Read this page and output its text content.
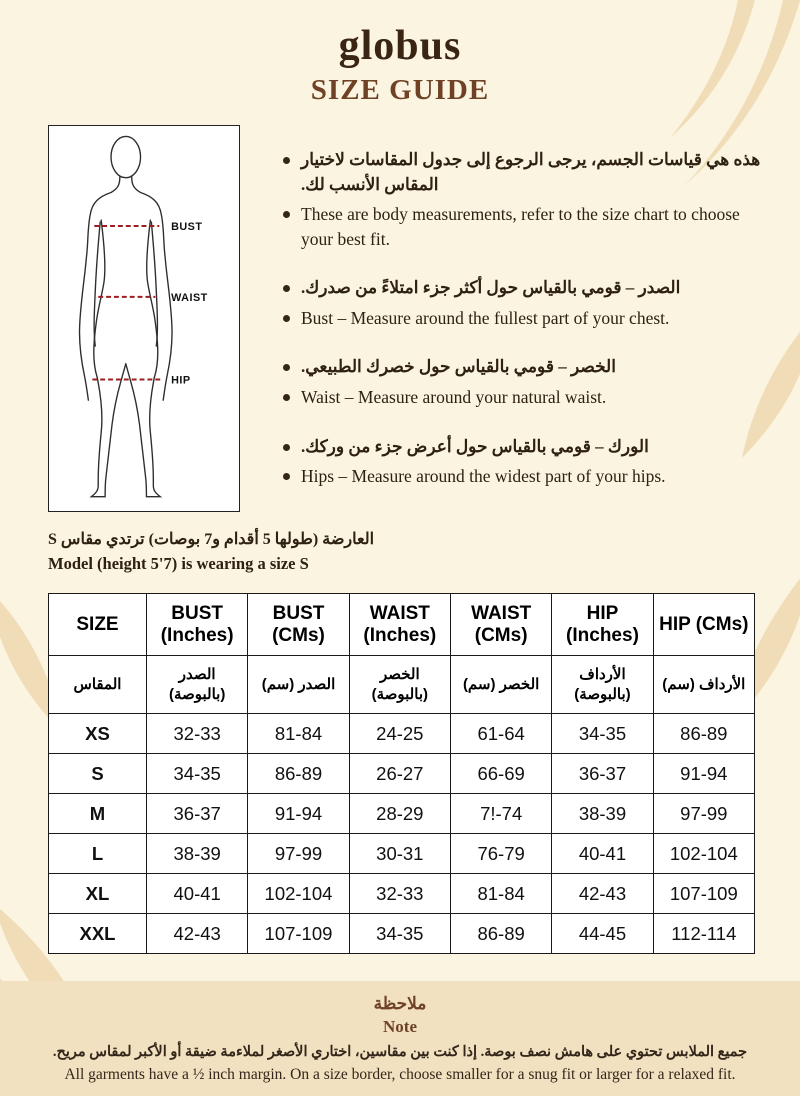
globus
SIZE GUIDE
BUST
WAIST
HIP
هذه هي قياسات الجسم، يرجى الرجوع إلى جدول المقاسات لاختيار المقاس الأنسب لك.
These are body measurements, refer to the size chart to choose your best fit.
الصدر – قومي بالقياس حول أكثر جزء امتلاءً من صدرك.
Bust – Measure around the fullest part of your chest.
الخصر – قومي بالقياس حول خصرك الطبيعي.
Waist – Measure around your natural waist.
الورك – قومي بالقياس حول أعرض جزء من وركك.
Hips – Measure around the widest part of your hips.
العارضة (طولها 5 أقدام و7 بوصات) ترتدي مقاس S
Model (height 5'7) is wearing a size S
SIZE	BUST (Inches)	BUST (CMs)	WAIST (Inches)	WAIST (CMs)	HIP (Inches)	HIP (CMs)
المقاس	الصدر (بالبوصة)	الصدر (سم)	الخصر (بالبوصة)	الخصر (سم)	الأرداف (بالبوصة)	الأرداف (سم)
XS	32-33	81-84	24-25	61-64	34-35	86-89
S	34-35	86-89	26-27	66-69	36-37	91-94
M	36-37	91-94	28-29	7!-74	38-39	97-99
L	38-39	97-99	30-31	76-79	40-41	102-104
XL	40-41	102-104	32-33	81-84	42-43	107-109
XXL	42-43	107-109	34-35	86-89	44-45	112-114
ملاحظة
Note
جميع الملابس تحتوي على هامش نصف بوصة. إذا كنت بين مقاسين، اختاري الأصغر لملاءمة ضيقة أو الأكبر لمقاس مريح.
All garments have a ½ inch margin. On a size border, choose smaller for a snug fit or larger for a relaxed fit.
